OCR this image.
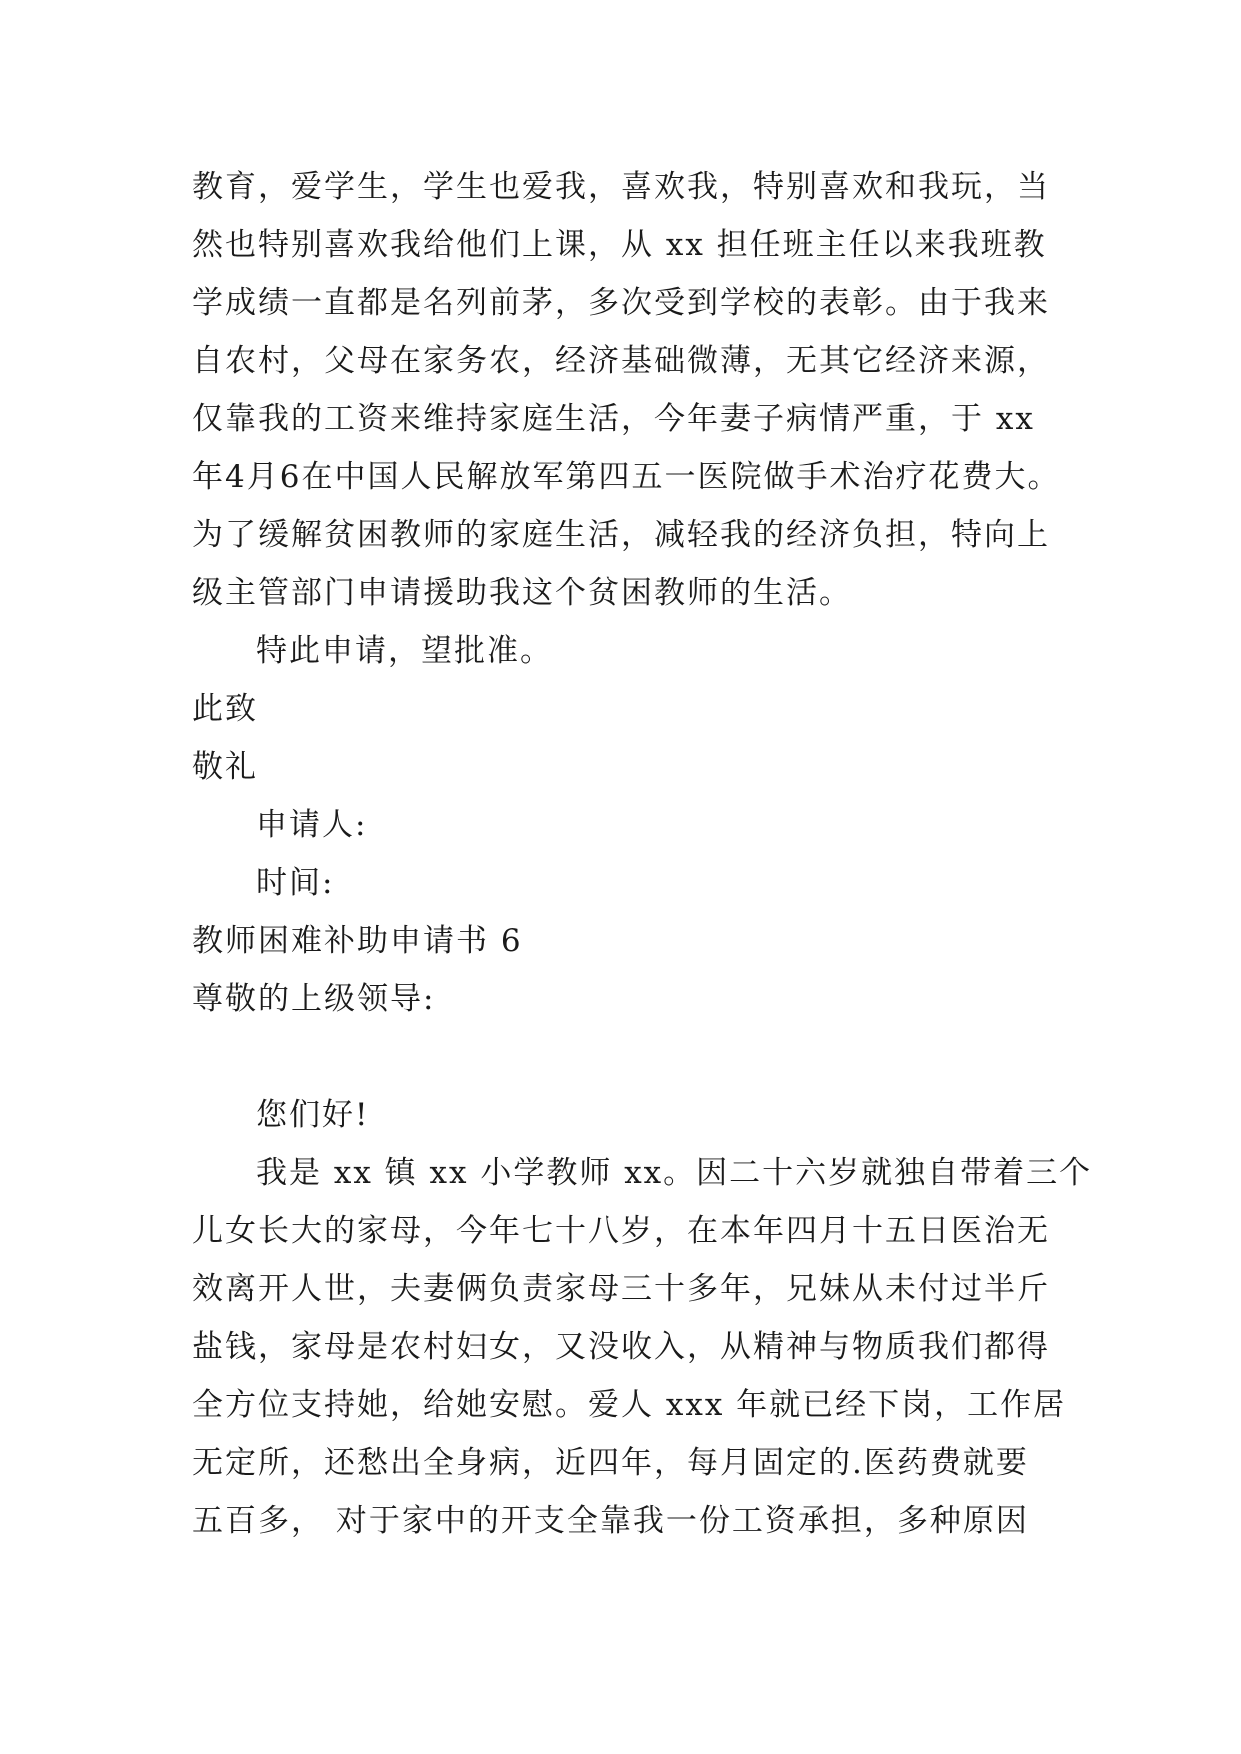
教育，爱学生，学生也爱我，喜欢我，特别喜欢和我玩，当
然也特别喜欢我给他们上课，从 xx 担任班主任以来我班教
学成绩一直都是名列前茅，多次受到学校的表彰。由于我来
自农村，父母在家务农，经济基础微薄，无其它经济来源，
仅靠我的工资来维持家庭生活，今年妻子病情严重，于 xx
年4月6在中国人民解放军第四五一医院做手术治疗花费大。
为了缓解贫困教师的家庭生活，减轻我的经济负担，特向上
级主管部门申请援助我这个贫困教师的生活。
特此申请，望批准。
此致
敬礼
申请人:
时间:
教师困难补助申请书 6
尊敬的上级领导:
您们好!
我是 xx 镇 xx 小学教师 xx。因二十六岁就独自带着三个
儿女长大的家母，今年七十八岁，在本年四月十五日医治无
效离开人世，夫妻俩负责家母三十多年，兄妹从未付过半斤
盐钱，家母是农村妇女，又没收入，从精神与物质我们都得
全方位支持她，给她安慰。爱人 xxx 年就已经下岗，工作居
无定所，还愁出全身病，近四年，每月固定的.医药费就要
五百多， 对于家中的开支全靠我一份工资承担，多种原因
